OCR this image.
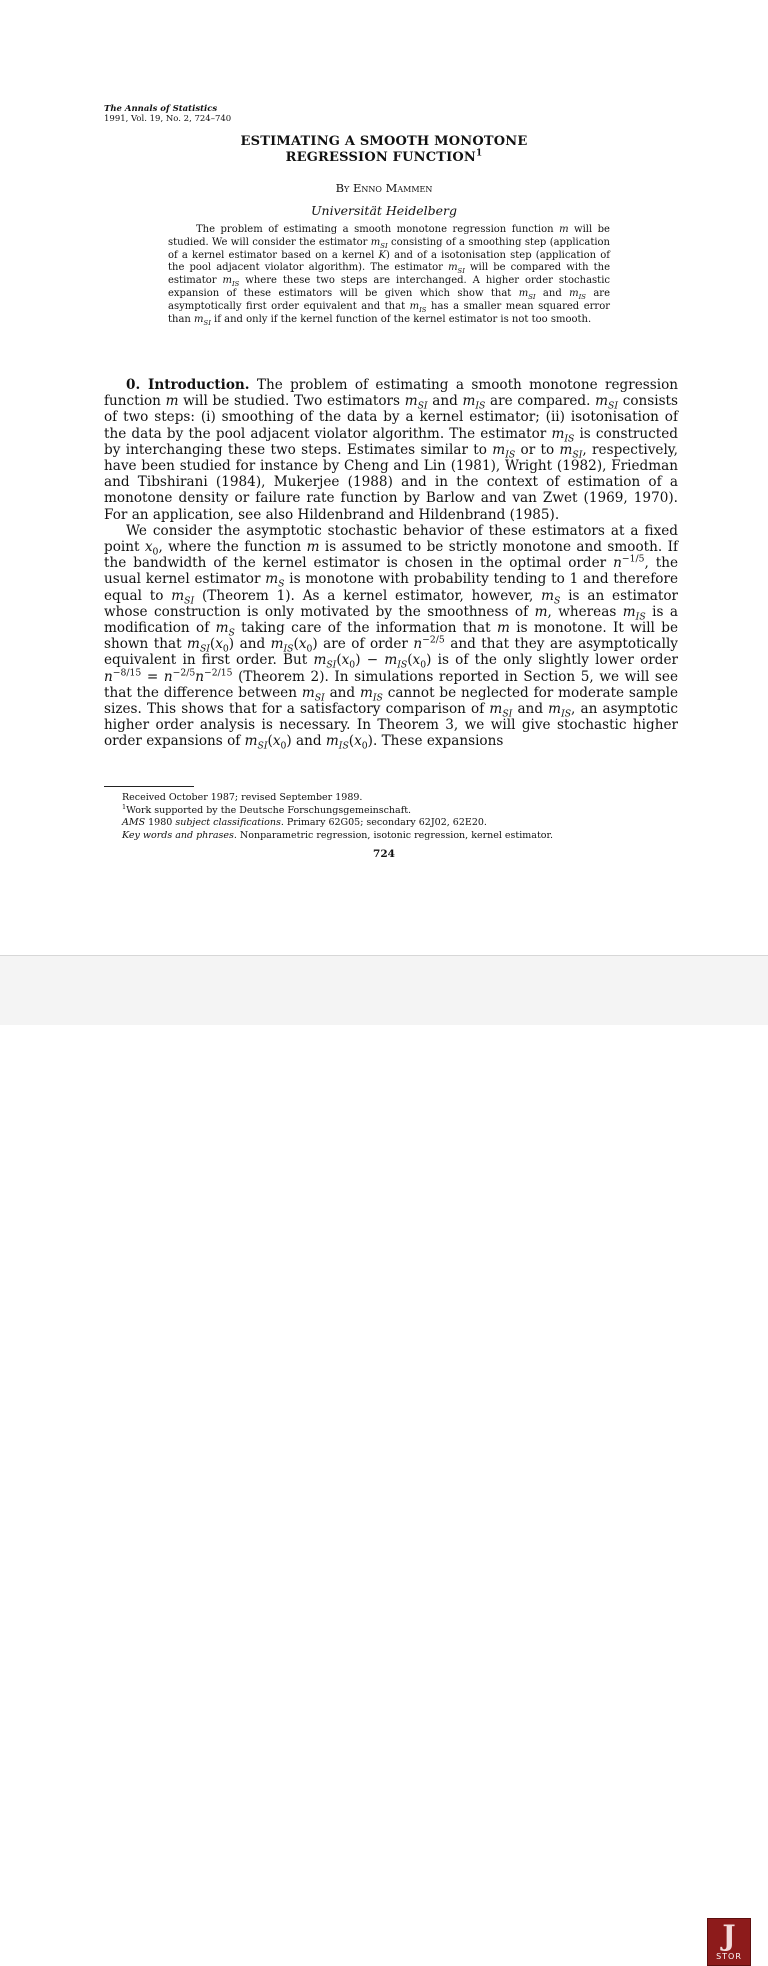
The Annals of Statistics
1991, Vol. 19, No. 2, 724–740
ESTIMATING A SMOOTH MONOTONE
REGRESSION FUNCTION$^1$
By Enno Mammen
Universität Heidelberg

The problem of estimating a smooth monotone regression function m will be studied. We will consider the estimator $m_{SI}$ consisting of a smoothing step (application of a kernel estimator based on a kernel K) and of a isotonisation step (application of the pool adjacent violator algorithm). The estimator $m_{SI}$ will be compared with the estimator $m_{IS}$ where these two steps are interchanged. A higher order stochastic expansion of these estimators will be given which show that $m_{SI}$ and $m_{IS}$ are asymptotically first order equivalent and that $m_{IS}$ has a smaller mean squared error than $m_{SI}$ if and only if the kernel function of the kernel estimator is not too smooth.

0. Introduction. The problem of estimating a smooth monotone regression function m will be studied. Two estimators $m_{SI}$ and $m_{IS}$ are compared. $m_{SI}$ consists of two steps: (i) smoothing of the data by a kernel estimator; (ii) isotonisation of the data by the pool adjacent violator algorithm. The estimator $m_{IS}$ is constructed by interchanging these two steps. Estimates similar to $m_{IS}$ or to $m_{SI}$, respectively, have been studied for instance by Cheng and Lin (1981), Wright (1982), Friedman and Tibshirani (1984), Mukerjee (1988) and in the context of estimation of a monotone density or failure rate function by Barlow and van Zwet (1969, 1970). For an application, see also Hildenbrand and Hildenbrand (1985).

We consider the asymptotic stochastic behavior of these estimators at a fixed point $x_0$, where the function m is assumed to be strictly monotone and smooth. If the bandwidth of the kernel estimator is chosen in the optimal order $n^{-1/5}$, the usual kernel estimator $m_S$ is monotone with probability tending to 1 and therefore equal to $m_{SI}$ (Theorem 1). As a kernel estimator, however, $m_S$ is an estimator whose construction is only motivated by the smoothness of m, whereas $m_{IS}$ is a modification of $m_S$ taking care of the information that m is monotone. It will be shown that $m_{SI}(x_0)$ and $m_{IS}(x_0)$ are of order $n^{-2/5}$ and that they are asymptotically equivalent in first order. But $m_{SI}(x_0) - m_{IS}(x_0)$ is of the only slightly lower order $n^{-8/15} = n^{-2/5}n^{-2/15}$ (Theorem 2). In simulations reported in Section 5, we will see that the difference between $m_{SI}$ and $m_{IS}$ cannot be neglected for moderate sample sizes. This shows that for a satisfactory comparison of $m_{SI}$ and $m_{IS}$, an asymptotic higher order analysis is necessary. In Theorem 3, we will give stochastic higher order expansions of $m_{SI}(x_0)$ and $m_{IS}(x_0)$. These expansions

Received October 1987; revised September 1989.

$^1$Work supported by the Deutsche Forschungsgemeinschaft.

AMS 1980 subject classifications. Primary 62G05; secondary 62J02, 62E20.

Key words and phrases. Nonparametric regression, isotonic regression, kernel estimator.

724
J
STOR
